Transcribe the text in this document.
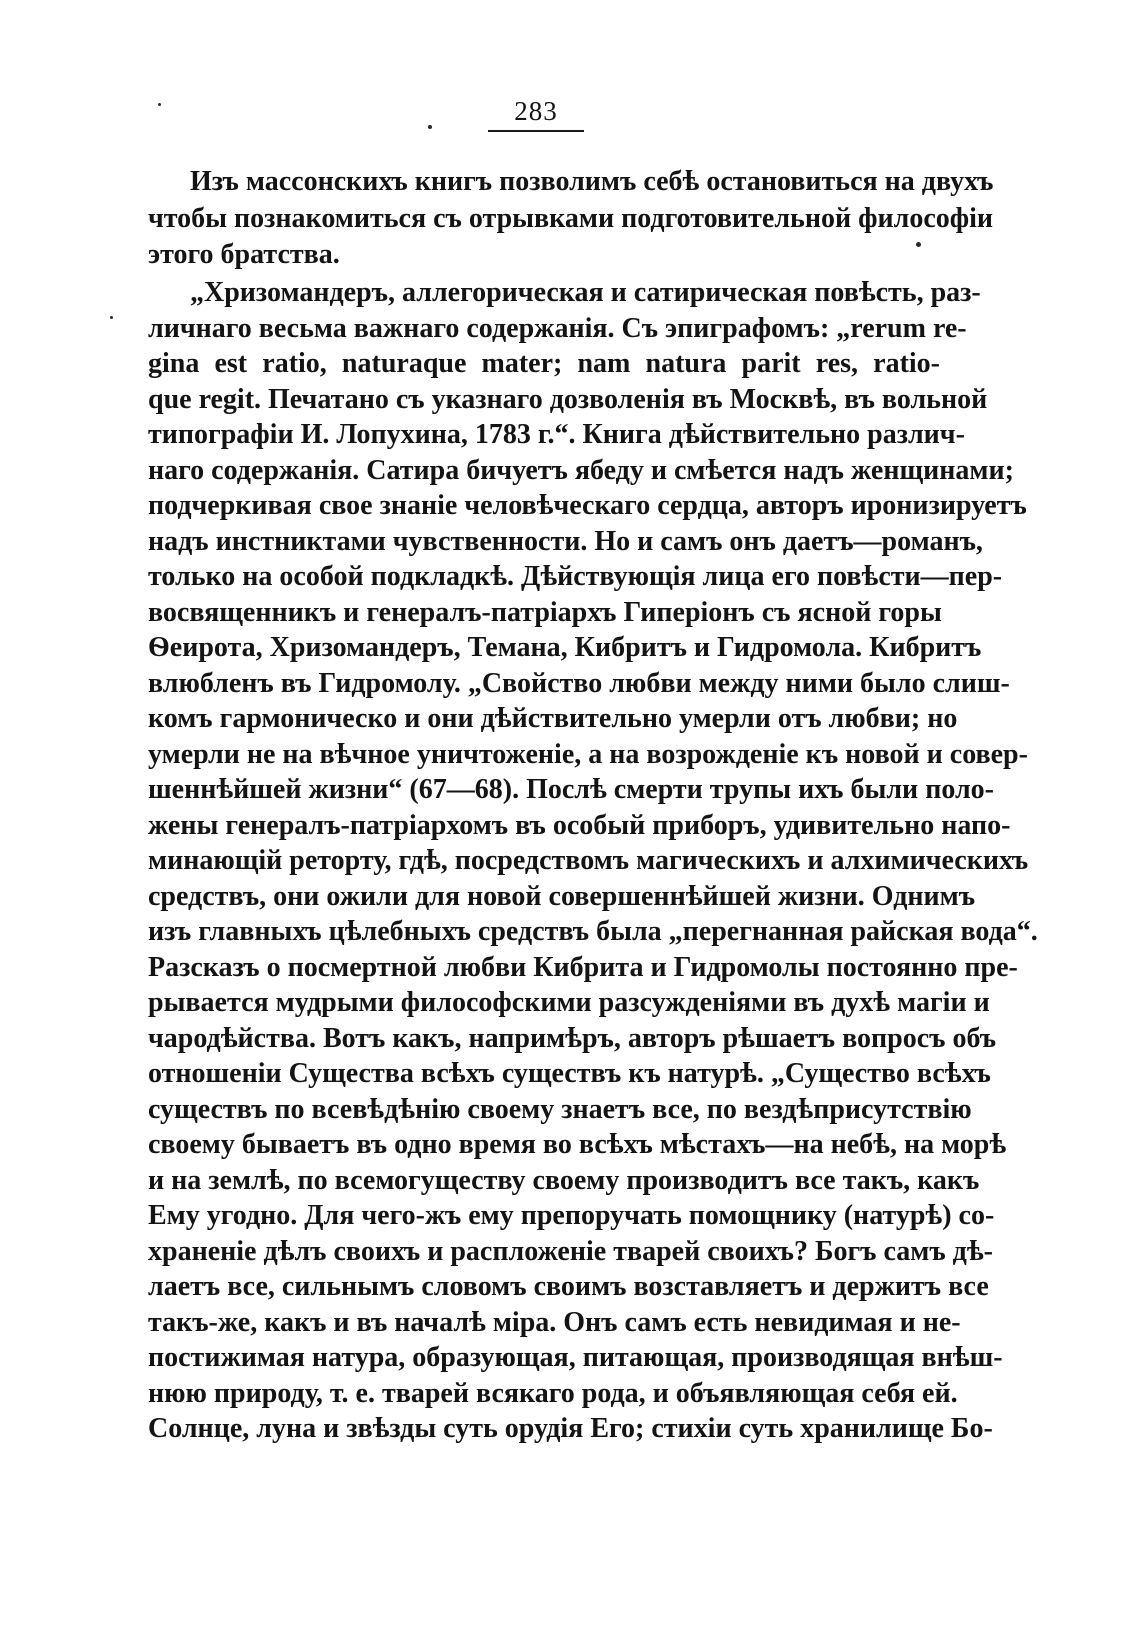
283
Изъ массонскихъ книгъ позволимъ себѣ остановиться на двухъ
чтобы познакомиться съ отрывками подготовительной философіи
этого братства.
„Хризомандеръ, аллегорическая и сатирическая повѣсть, раз-
личнаго весьма важнаго содержанія. Съ эпиграфомъ: „rerum re-
gina est ratio, naturaque mater; nam natura parit res, ratio-
que regit. Печатано съ указнаго дозволенія въ Москвѣ, въ вольной
типографіи И. Лопухина, 1783 г.“. Книга дѣйствительно различ-
наго содержанія. Сатира бичуетъ ябеду и смѣется надъ женщинами;
подчеркивая свое знаніе человѣческаго сердца, авторъ иронизируетъ
надъ инстниктами чувственности. Но и самъ онъ даетъ—романъ,
только на особой подкладкѣ. Дѣйствующія лица его повѣсти—пер-
восвященникъ и генералъ-патріархъ Гиперіонъ съ ясной горы
Ѳеирота, Хризомандеръ, Темана, Кибритъ и Гидромола. Кибритъ
влюбленъ въ Гидромолу. „Свойство любви между ними было слиш-
комъ гармоническо и они дѣйствительно умерли отъ любви; но
умерли не на вѣчное уничтоженіе, а на возрожденіе къ новой и совер-
шеннѣйшей жизни“ (67—68). Послѣ смерти трупы ихъ были поло-
жены генералъ-патріархомъ въ особый приборъ, удивительно напо-
минающій реторту, гдѣ, посредствомъ магическихъ и алхимическихъ
средствъ, они ожили для новой совершеннѣйшей жизни. Однимъ
изъ главныхъ цѣлебныхъ средствъ была „перегнанная райская вода“.
Разсказъ о посмертной любви Кибрита и Гидромолы постоянно пре-
рывается мудрыми философскими разсужденіями въ духѣ магіи и
чародѣйства. Вотъ какъ, напримѣръ, авторъ рѣшаетъ вопросъ объ
отношеніи Существа всѣхъ существъ къ натурѣ. „Существо всѣхъ
существъ по всевѣдѣнію своему знаетъ все, по вездѣприсутствію
своему бываетъ въ одно время во всѣхъ мѣстахъ—на небѣ, на морѣ
и на землѣ, по всемогуществу своему производитъ все такъ, какъ
Ему угодно. Для чего-жъ ему препоручать помощнику (натурѣ) со-
храненіе дѣлъ своихъ и распложеніе тварей своихъ? Богъ самъ дѣ-
лаетъ все, сильнымъ словомъ своимъ возставляетъ и держитъ все
такъ-же, какъ и въ началѣ міра. Онъ самъ есть невидимая и не-
постижимая натура, образующая, питающая, производящая внѣш-
нюю природу, т. е. тварей всякаго рода, и объявляющая себя ей.
Солнце, луна и звѣзды суть орудія Его; стихіи суть хранилище Бо-
